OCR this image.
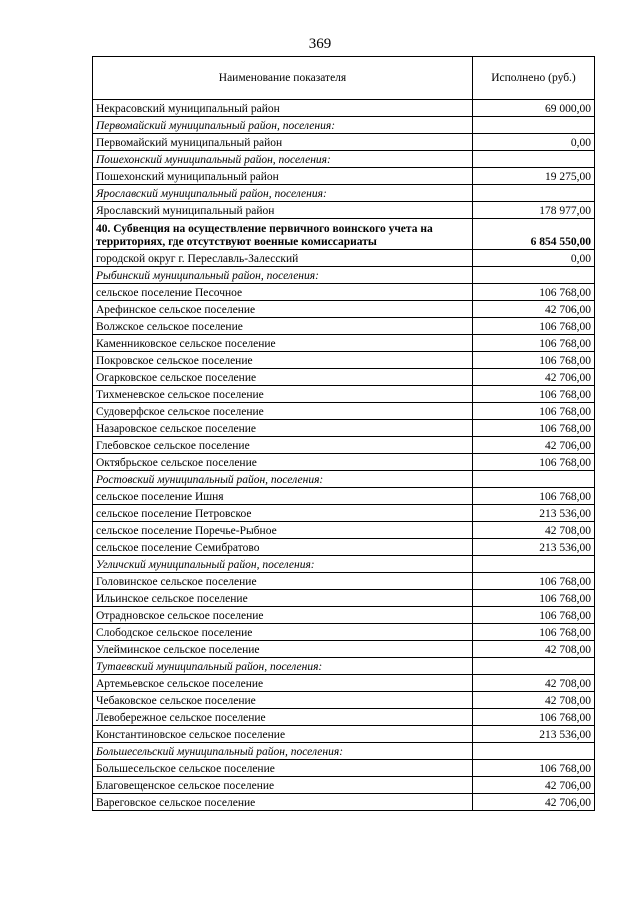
369
Наименование показателя	Исполнено (руб.)
Некрасовский муниципальный район	69 000,00
Первомайский муниципальный район, поселения:	
Первомайский муниципальный район	0,00
Пошехонский муниципальный район, поселения:	
Пошехонский муниципальный район	19 275,00
Ярославский муниципальный район, поселения:	
Ярославский муниципальный район	178 977,00
40. Субвенция на осуществление первичного воинского учета на территориях, где отсутствуют военные комиссариаты	6 854 550,00
городской округ г. Переславль-Залесский	0,00
Рыбинский муниципальный район, поселения:	
сельское поселение Песочное	106 768,00
Арефинское сельское поселение	42 706,00
Волжское сельское поселение	106 768,00
Каменниковское сельское поселение	106 768,00
Покровское сельское поселение	106 768,00
Огарковское сельское поселение	42 706,00
Тихменевское сельское поселение	106 768,00
Судоверфское сельское поселение	106 768,00
Назаровское сельское поселение	106 768,00
Глебовское сельское поселение	42 706,00
Октябрьское сельское поселение	106 768,00
Ростовский муниципальный район, поселения:	
сельское поселение Ишня	106 768,00
сельское поселение Петровское	213 536,00
сельское поселение Поречье-Рыбное	42 708,00
сельское поселение Семибратово	213 536,00
Угличский муниципальный район, поселения:	
Головинское сельское поселение	106 768,00
Ильинское сельское поселение	106 768,00
Отрадновское сельское поселение	106 768,00
Слободское сельское поселение	106 768,00
Улейминское сельское поселение	42 708,00
Тутаевский муниципальный район, поселения:	
Артемьевское сельское поселение	42 708,00
Чебаковское сельское поселение	42 708,00
Левобережное сельское поселение	106 768,00
Константиновское сельское поселение	213 536,00
Большесельский муниципальный район, поселения:	
Большесельское сельское поселение	106 768,00
Благовещенское сельское поселение	42 706,00
Вареговское сельское поселение	42 706,00
